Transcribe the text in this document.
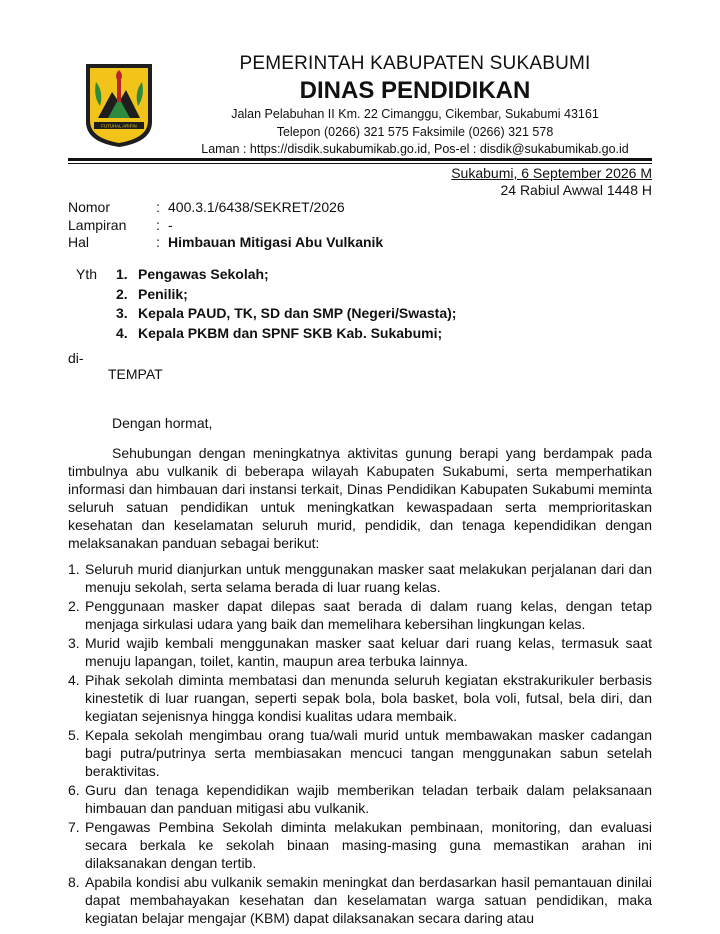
FUTUHAL ARIFIN
PEMERINTAH KABUPATEN SUKABUMI
DINAS PENDIDIKAN
Jalan Pelabuhan II Km. 22 Cimanggu, Cikembar, Sukabumi 43161
Telepon (0266) 321 575 Faksimile (0266) 321 578
Laman : https://disdik.sukabumikab.go.id, Pos-el : disdik@sukabumikab.go.id
Sukabumi, 6 September 2026 M
24 Rabiul Awwal 1448 H
Nomor	: 400.3.1/6438/SEKRET/2026
Lampiran	: -
Hal	: Himbauan Mitigasi Abu Vulkanik
Yth	1. Pengawas Sekolah;
2. Penilik;
3. Kepala PAUD, TK, SD dan SMP (Negeri/Swasta);
4. Kepala PKBM dan SPNF SKB Kab. Sukabumi;
di-
TEMPAT
Dengan hormat,

Sehubungan dengan meningkatnya aktivitas gunung berapi yang berdampak pada timbulnya abu vulkanik di beberapa wilayah Kabupaten Sukabumi, serta memperhatikan informasi dan himbauan dari instansi terkait, Dinas Pendidikan Kabupaten Sukabumi meminta seluruh satuan pendidikan untuk meningkatkan kewaspadaan serta memprioritaskan kesehatan dan keselamatan seluruh murid, pendidik, dan tenaga kependidikan dengan melaksanakan panduan sebagai berikut:

1. Seluruh murid dianjurkan untuk menggunakan masker saat melakukan perjalanan dari dan menuju sekolah, serta selama berada di luar ruang kelas.
2. Penggunaan masker dapat dilepas saat berada di dalam ruang kelas, dengan tetap menjaga sirkulasi udara yang baik dan memelihara kebersihan lingkungan kelas.
3. Murid wajib kembali menggunakan masker saat keluar dari ruang kelas, termasuk saat menuju lapangan, toilet, kantin, maupun area terbuka lainnya.
4. Pihak sekolah diminta membatasi dan menunda seluruh kegiatan ekstrakurikuler berbasis kinestetik di luar ruangan, seperti sepak bola, bola basket, bola voli, futsal, bela diri, dan kegiatan sejenisnya hingga kondisi kualitas udara membaik.
5. Kepala sekolah mengimbau orang tua/wali murid untuk membawakan masker cadangan bagi putra/putrinya serta membiasakan mencuci tangan menggunakan sabun setelah beraktivitas.
6. Guru dan tenaga kependidikan wajib memberikan teladan terbaik dalam pelaksanaan himbauan dan panduan mitigasi abu vulkanik.
7. Pengawas Pembina Sekolah diminta melakukan pembinaan, monitoring, dan evaluasi secara berkala ke sekolah binaan masing-masing guna memastikan arahan ini dilaksanakan dengan tertib.
8. Apabila kondisi abu vulkanik semakin meningkat dan berdasarkan hasil pemantauan dinilai dapat membahayakan kesehatan dan keselamatan warga satuan pendidikan, maka kegiatan belajar mengajar (KBM) dapat dilaksanakan secara daring atau
